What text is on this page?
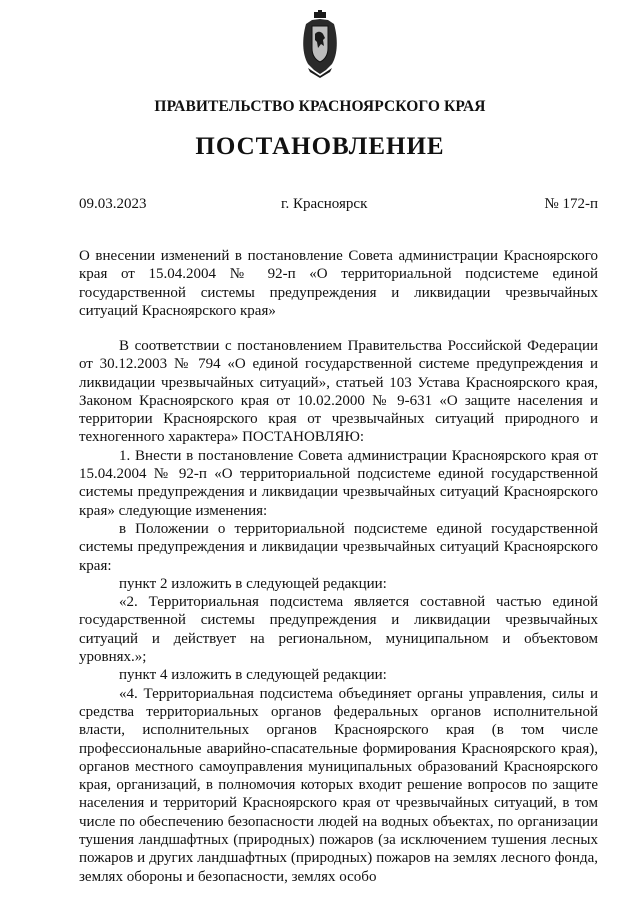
ПРАВИТЕЛЬСТВО КРАСНОЯРСКОГО КРАЯ
ПОСТАНОВЛЕНИЕ
09.03.2023	г. Красноярск	№ 172-п
О внесении изменений в постановление Совета администрации Красноярского края от 15.04.2004 № 92-п «О территориальной подсистеме единой государственной системы предупреждения и ликвидации чрезвычайных ситуаций Красноярского края»

В соответствии с постановлением Правительства Российской Федерации от 30.12.2003 № 794 «О единой государственной системе предупреждения и ликвидации чрезвычайных ситуаций», статьей 103 Устава Красноярского края, Законом Красноярского края от 10.02.2000 № 9-631 «О защите населения и территории Красноярского края от чрезвычайных ситуаций природного и техногенного характера» ПОСТАНОВЛЯЮ:

1. Внести в постановление Совета администрации Красноярского края от 15.04.2004 № 92-п «О территориальной подсистеме единой государственной системы предупреждения и ликвидации чрезвычайных ситуаций Красноярского края» следующие изменения:

в Положении о территориальной подсистеме единой государственной системы предупреждения и ликвидации чрезвычайных ситуаций Красноярского края:

пункт 2 изложить в следующей редакции:

«2. Территориальная подсистема является составной частью единой государственной системы предупреждения и ликвидации чрезвычайных ситуаций и действует на региональном, муниципальном и объектовом уровнях.»;

пункт 4 изложить в следующей редакции:

«4. Территориальная подсистема объединяет органы управления, силы и средства территориальных органов федеральных органов исполнительной власти, исполнительных органов Красноярского края (в том числе профессиональные аварийно-спасательные формирования Красноярского края), органов местного самоуправления муниципальных образований Красноярского края, организаций, в полномочия которых входит решение вопросов по защите населения и территорий Красноярского края от чрезвычайных ситуаций, в том числе по обеспечению безопасности людей на водных объектах, по организации тушения ландшафтных (природных) пожаров (за исключением тушения лесных пожаров и других ландшафтных (природных) пожаров на землях лесного фонда, землях обороны и безопасности, землях особо
